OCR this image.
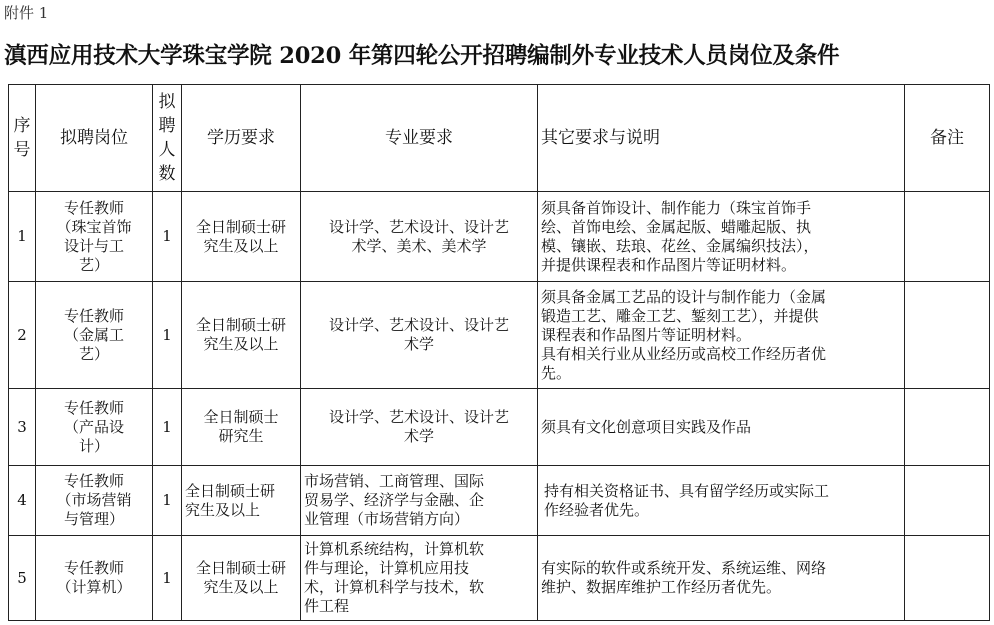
附件 1
滇西应用技术大学珠宝学院 2020 年第四轮公开招聘编制外专业技术人员岗位及条件
序
号	拟聘岗位	拟
聘
人
数	学历要求	专业要求	其它要求与说明	备注
1	专任教师
（珠宝首饰
设计与工
艺）	1	全日制硕士研
究生及以上	设计学、艺术设计、设计艺
术学、美术、美术学	须具备首饰设计、制作能力（珠宝首饰手
绘、首饰电绘、金属起版、蜡雕起版、执
模、镶嵌、珐琅、花丝、金属编织技法），
并提供课程表和作品图片等证明材料。	
2	专任教师
（金属工
艺）	1	全日制硕士研
究生及以上	设计学、艺术设计、设计艺
术学	须具备金属工艺品的设计与制作能力（金属
锻造工艺、雕金工艺、錾刻工艺），并提供
课程表和作品图片等证明材料。
具有相关行业从业经历或高校工作经历者优
先。	
3	专任教师
（产品设
计）	1	全日制硕士
研究生	设计学、艺术设计、设计艺
术学	须具有文化创意项目实践及作品	
4	专任教师
（市场营销
与管理）	1	全日制硕士研
究生及以上	市场营销、工商管理、国际
贸易学、经济学与金融、企
业管理（市场营销方向）	持有相关资格证书、具有留学经历或实际工
作经验者优先。	
5	专任教师
（计算机）	1	全日制硕士研
究生及以上	计算机系统结构，计算机软
件与理论，计算机应用技
术，计算机科学与技术，软
件工程	有实际的软件或系统开发、系统运维、网络
维护、数据库维护工作经历者优先。	
